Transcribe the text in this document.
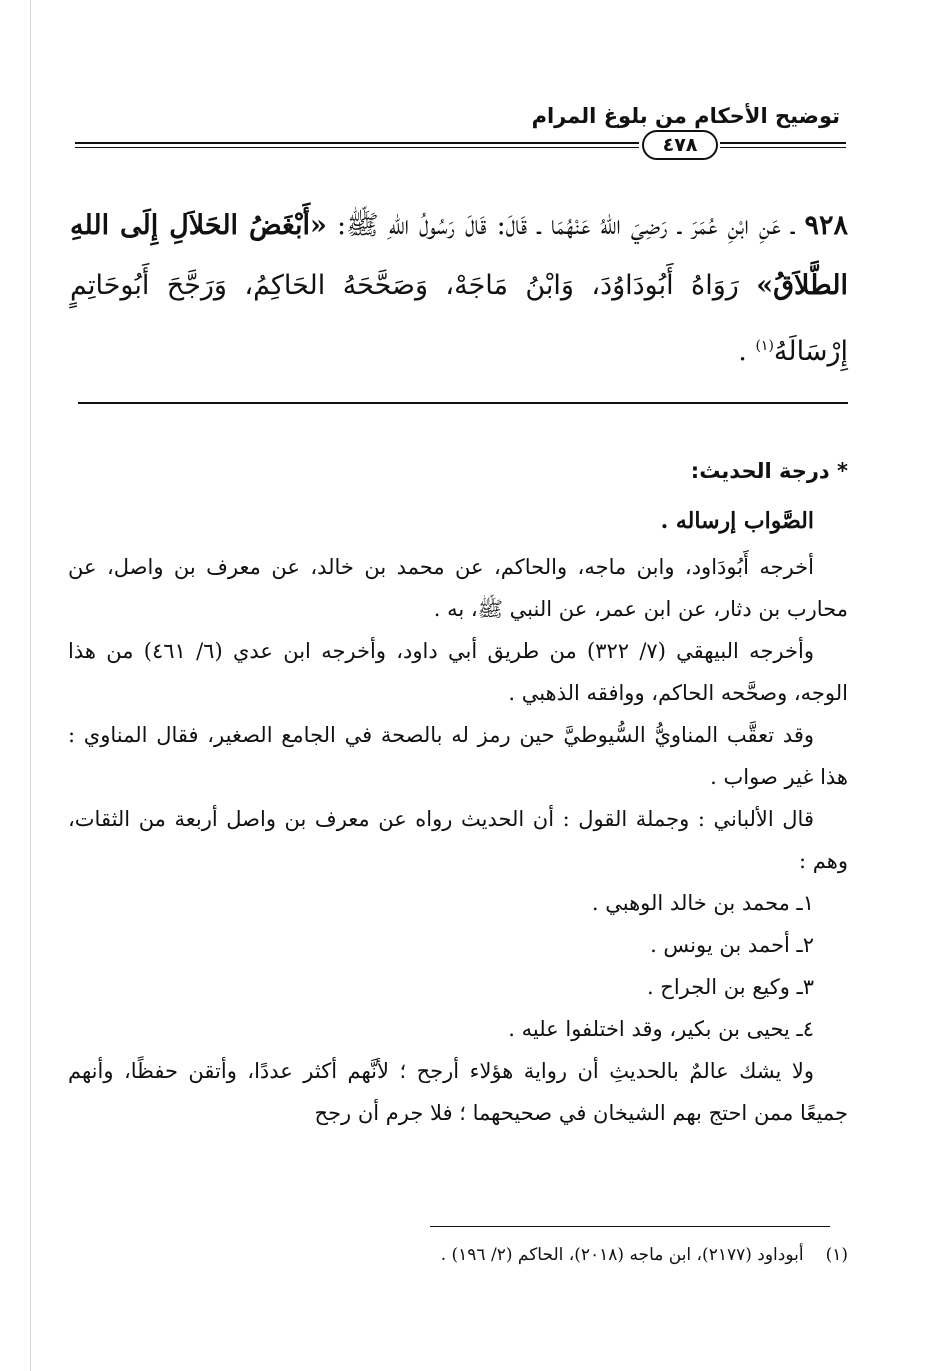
توضيح الأحكام من بلوغ المرام
٤٧٨
٩٢٨ ـ عَنِ ابْنِ عُمَرَ ـ رَضِيَ اللهُ عَنْهُمَا ـ قَالَ: قَالَ رَسُولُ اللهِ ﷺ: «أَبْغَضُ الحَلاَلِ إِلَى اللهِ الطَّلاَقُ» رَوَاهُ أَبُودَاوُدَ، وَابْنُ مَاجَهْ، وَصَحَّحَهُ الحَاكِمُ، وَرَجَّحَ أَبُوحَاتِمٍ إِرْسَالَهُ$^{(١)}$ .
* درجة الحديث:
الصَّواب إرساله .

أخرجه أَبُودَاود، وابن ماجه، والحاكم، عن محمد بن خالد، عن معرف بن واصل، عن محارب بن دثار، عن ابن عمر، عن النبي ﷺ، به .

وأخرجه البيهقي (٧/ ٣٢٢) من طريق أبي داود، وأخرجه ابن عدي (٦/ ٤٦١) من هذا الوجه، وصحَّحه الحاكم، ووافقه الذهبي .

وقد تعقَّب المناويُّ السُّيوطيَّ حين رمز له بالصحة في الجامع الصغير، فقال المناوي : هذا غير صواب .

قال الألباني : وجملة القول : أن الحديث رواه عن معرف بن واصل أربعة من الثقات، وهم :

١ـ محمد بن خالد الوهبي .

٢ـ أحمد بن يونس .

٣ـ وكيع بن الجراح .

٤ـ يحيى بن بكير، وقد اختلفوا عليه .

ولا يشك عالمٌ بالحديثِ أن رواية هؤلاء أرجح ؛ لأنَّهم أكثر عددًا، وأتقن حفظًا، وأنهم جميعًا ممن احتج بهم الشيخان في صحيحهما ؛ فلا جرم أن رجح

(١)أبوداود (٢١٧٧)، ابن ماجه (٢٠١٨)، الحاكم (٢/ ١٩٦) .
